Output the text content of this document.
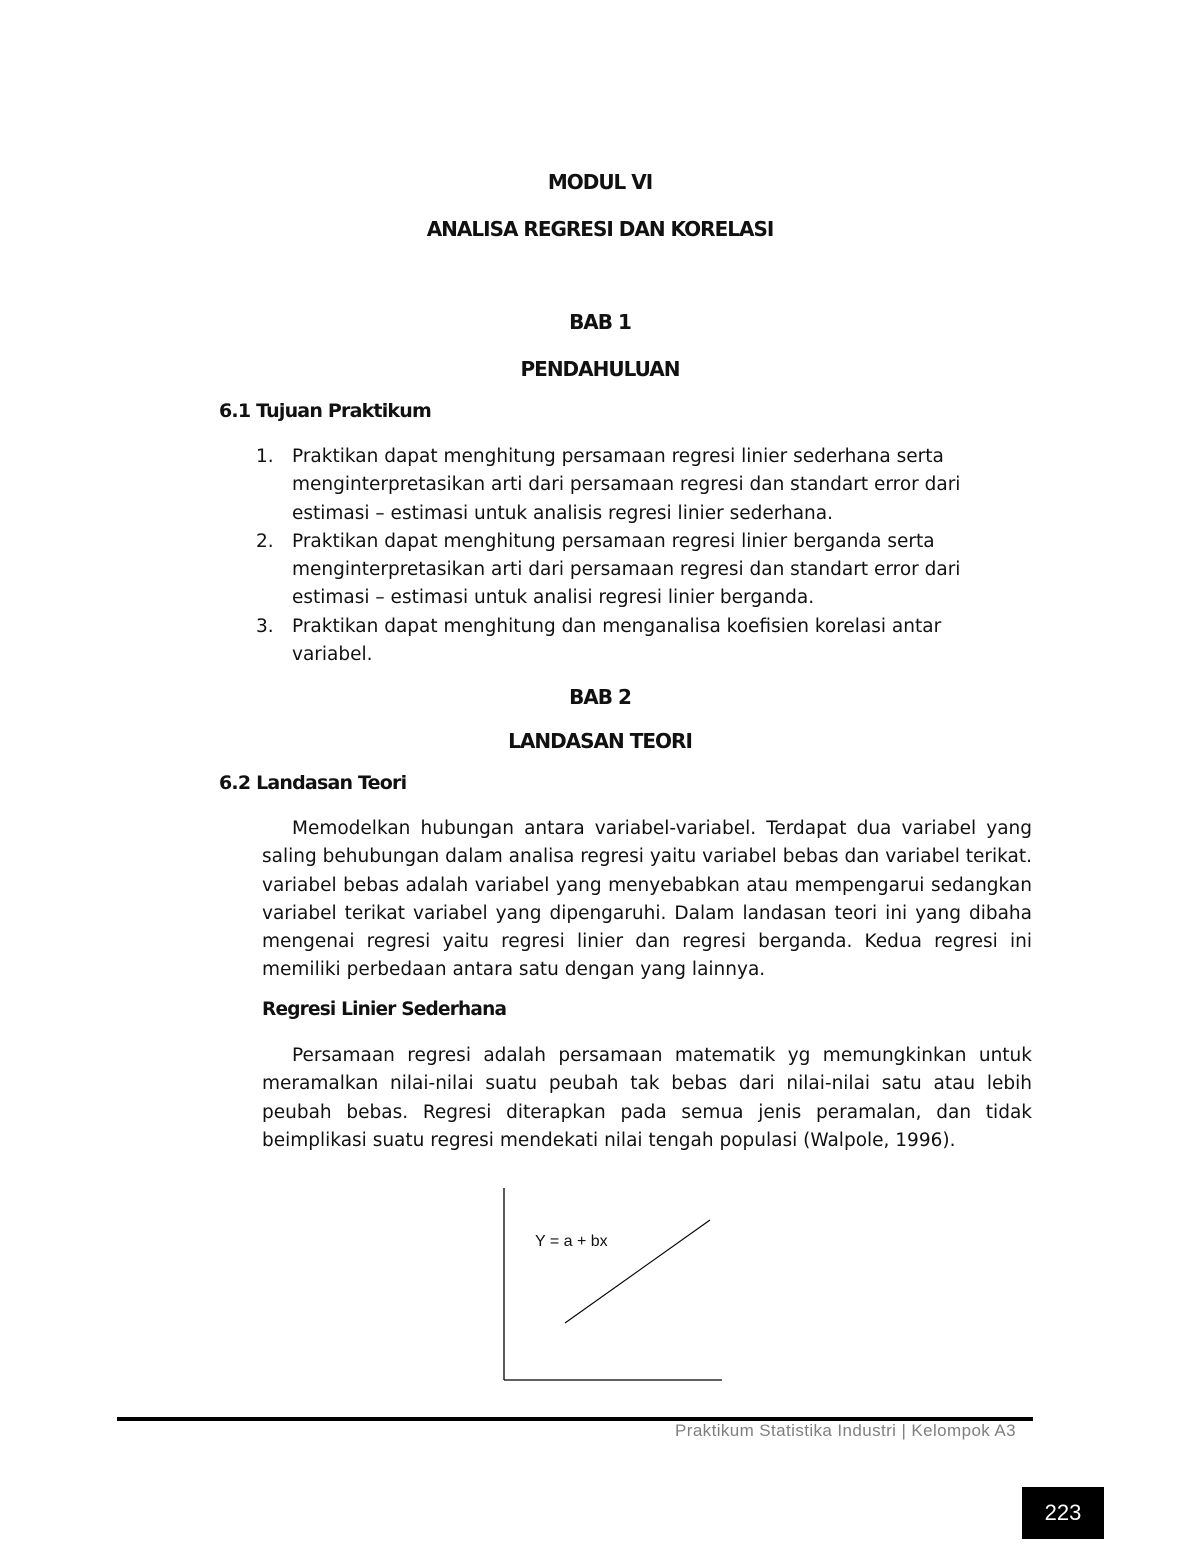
MODUL VI
ANALISA REGRESI DAN KORELASI
BAB 1
PENDAHULUAN
6.1 Tujuan Praktikum
1. Praktikan dapat menghitung persamaan regresi linier sederhana serta menginterpretasikan arti dari persamaan regresi dan standart error dari estimasi – estimasi untuk analisis regresi linier sederhana.
2. Praktikan dapat menghitung persamaan regresi linier berganda serta menginterpretasikan arti dari persamaan regresi dan standart error dari estimasi – estimasi untuk analisi regresi linier berganda.
3. Praktikan dapat menghitung dan menganalisa koefisien korelasi antar variabel.
BAB 2
LANDASAN TEORI
6.2 Landasan Teori

Memodelkan hubungan antara variabel-variabel. Terdapat dua variabel yang saling behubungan dalam analisa regresi yaitu variabel bebas dan variabel terikat. variabel bebas adalah variabel yang menyebabkan atau mempengarui sedangkan variabel terikat variabel yang dipengaruhi. Dalam landasan teori ini yang dibaha mengenai regresi yaitu regresi linier dan regresi berganda. Kedua regresi ini memiliki perbedaan antara satu dengan yang lainnya.

Regresi Linier Sederhana

Persamaan regresi adalah persamaan matematik yg memungkinkan untuk meramalkan nilai-nilai suatu peubah tak bebas dari nilai-nilai satu atau lebih peubah bebas. Regresi diterapkan pada semua jenis peramalan, dan tidak beimplikasi suatu regresi mendekati nilai tengah populasi (Walpole, 1996).

Y = a + bx
Praktikum Statistika Industri | Kelompok A3
223
